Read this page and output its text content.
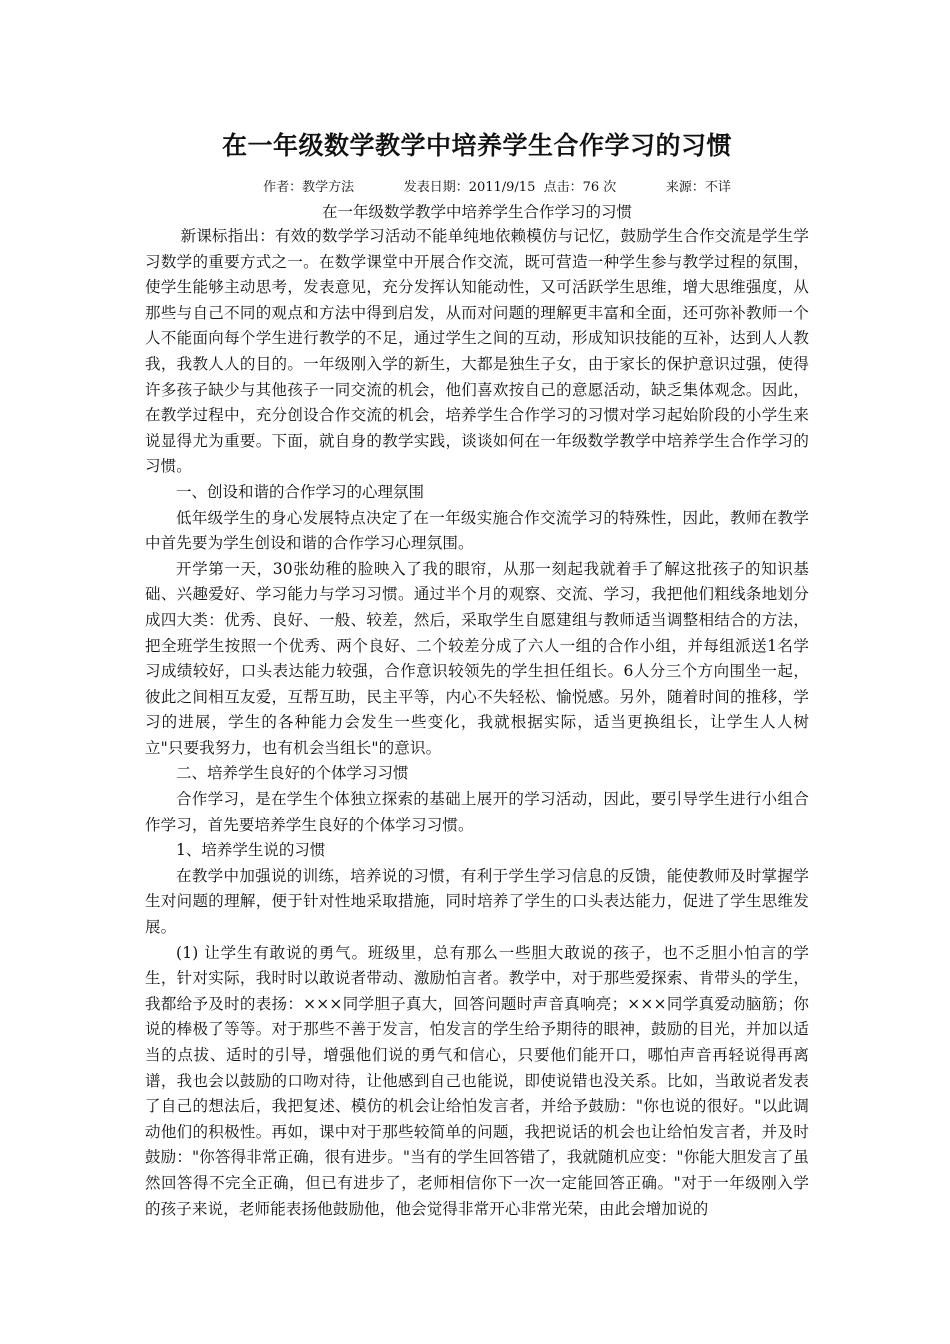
在一年级数学教学中培养学生合作学习的习惯
作者：教学方法	发表日期：2011/9/15 点击：76 次	来源：不详
在一年级数学教学中培养学生合作学习的习惯

新课标指出：有效的数学学习活动不能单纯地依赖模仿与记忆，鼓励学生合作交流是学生学习数学的重要方式之一。在数学课堂中开展合作交流，既可营造一种学生参与教学过程的氛围，使学生能够主动思考，发表意见，充分发挥认知能动性，又可活跃学生思维，增大思维强度，从那些与自己不同的观点和方法中得到启发，从而对问题的理解更丰富和全面，还可弥补教师一个人不能面向每个学生进行教学的不足，通过学生之间的互动，形成知识技能的互补，达到人人教我，我教人人的目的。一年级刚入学的新生，大都是独生子女，由于家长的保护意识过强，使得许多孩子缺少与其他孩子一同交流的机会，他们喜欢按自己的意愿活动，缺乏集体观念。因此，在教学过程中，充分创设合作交流的机会，培养学生合作学习的习惯对学习起始阶段的小学生来说显得尤为重要。下面，就自身的教学实践，谈谈如何在一年级数学教学中培养学生合作学习的习惯。

一、创设和谐的合作学习的心理氛围

低年级学生的身心发展特点决定了在一年级实施合作交流学习的特殊性，因此，教师在教学中首先要为学生创设和谐的合作学习心理氛围。

开学第一天，30张幼稚的脸映入了我的眼帘，从那一刻起我就着手了解这批孩子的知识基础、兴趣爱好、学习能力与学习习惯。通过半个月的观察、交流、学习，我把他们粗线条地划分成四大类：优秀、良好、一般、较差，然后，采取学生自愿建组与教师适当调整相结合的方法，把全班学生按照一个优秀、两个良好、二个较差分成了六人一组的合作小组，并每组派送1名学习成绩较好，口头表达能力较强，合作意识较领先的学生担任组长。6人分三个方向围坐一起，彼此之间相互友爱，互帮互助，民主平等，内心不失轻松、愉悦感。另外，随着时间的推移，学习的进展，学生的各种能力会发生一些变化，我就根据实际，适当更换组长，让学生人人树立"只要我努力，也有机会当组长"的意识。

二、培养学生良好的个体学习习惯

合作学习，是在学生个体独立探索的基础上展开的学习活动，因此，要引导学生进行小组合作学习，首先要培养学生良好的个体学习习惯。

1、培养学生说的习惯

在教学中加强说的训练，培养说的习惯，有利于学生学习信息的反馈，能使教师及时掌握学生对问题的理解，便于针对性地采取措施，同时培养了学生的口头表达能力，促进了学生思维发展。

(1) 让学生有敢说的勇气。班级里，总有那么一些胆大敢说的孩子，也不乏胆小怕言的学生，针对实际，我时时以敢说者带动、激励怕言者。教学中，对于那些爱探索、肯带头的学生，我都给予及时的表扬：×××同学胆子真大，回答问题时声音真响亮；×××同学真爱动脑筋；你说的棒极了等等。对于那些不善于发言，怕发言的学生给予期待的眼神，鼓励的目光，并加以适当的点拔、适时的引导，增强他们说的勇气和信心，只要他们能开口，哪怕声音再轻说得再离谱，我也会以鼓励的口吻对待，让他感到自己也能说，即使说错也没关系。比如，当敢说者发表了自己的想法后，我把复述、模仿的机会让给怕发言者，并给予鼓励："你也说的很好。"以此调动他们的积极性。再如，课中对于那些较简单的问题，我把说话的机会也让给怕发言者，并及时鼓励："你答得非常正确，很有进步。"当有的学生回答错了，我就随机应变："你能大胆发言了虽然回答得不完全正确，但已有进步了，老师相信你下一次一定能回答正确。"对于一年级刚入学的孩子来说，老师能表扬他鼓励他，他会觉得非常开心非常光荣，由此会增加说的
